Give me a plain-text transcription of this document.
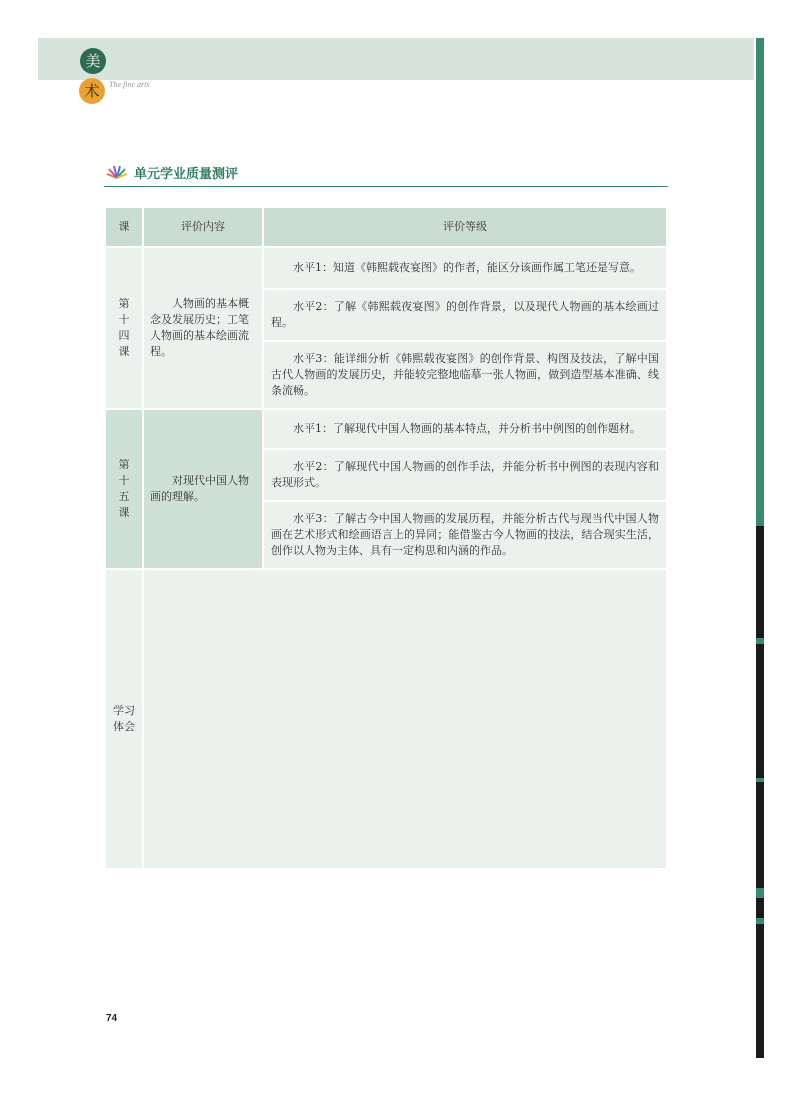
美
术	The fine arts
单元学业质量测评
课	评价内容	评价等级

第十四课	人物画的基本概念及发展历史；工笔人物画的基本绘画流程。	水平1：知道《韩熙载夜宴图》的作者，能区分该画作属工笔还是写意。
		水平2：了解《韩熙载夜宴图》的创作背景，以及现代人物画的基本绘画过程。
		水平3：能详细分析《韩熙载夜宴图》的创作背景、构图及技法，了解中国古代人物画的发展历史，并能较完整地临摹一张人物画，做到造型基本准确、线条流畅。

第十五课	对现代中国人物画的理解。	水平1：了解现代中国人物画的基本特点，并分析书中例图的创作题材。
		水平2：了解现代中国人物画的创作手法，并能分析书中例图的表现内容和表现形式。
		水平3：了解古今中国人物画的发展历程，并能分析古代与现当代中国人物画在艺术形式和绘画语言上的异同；能借鉴古今人物画的技法，结合现实生活，创作以人物为主体、具有一定构思和内涵的作品。

学习体会		

74
